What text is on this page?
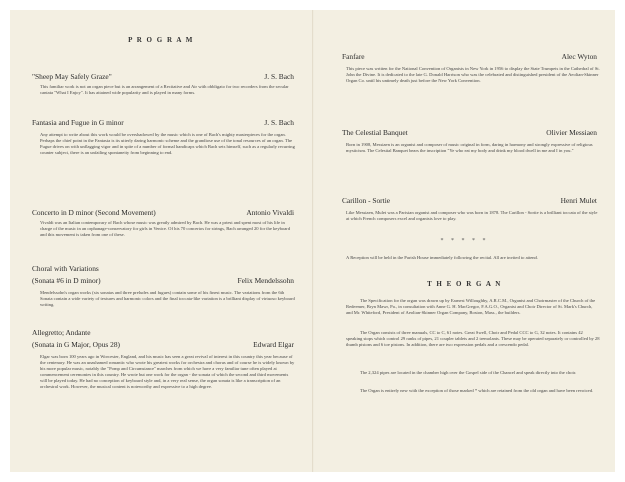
P R O G R A M
"Sheep May Safely Graze"	J. S. Bach

This familiar work is not an organ piece but is an arrangement of a Recitative and Air with obbligato for two recorders from the secular cantata "What I Enjoy". It has attained wide popularity and is played in many forms.

Fantasia and Fugue in G minor	J. S. Bach

Any attempt to write about this work would be overshadowed by the music which is one of Bach's mighty masterpieces for the organ. Perhaps the chief point in the Fantasia is its utterly daring harmonic scheme and the grandiose use of the tonal resources of an organ. The Fugue drives on with unflagging vigor and in spite of a number of formal handicaps which Bach sets himself, such as a regularly recurring counter subject, there is an unfailing spontaneity from beginning to end.

Concerto in D minor (Second Movement)	Antonio Vivaldi

Vivaldi was an Italian contemporary of Bach whose music was greatly admired by Bach. He was a priest and spent most of his life in charge of the music in an orphanage-conservatory for girls in Venice. Of his 70 concertos for strings, Bach arranged 20 for the keyboard and this movement is taken from one of these.

Choral with Variations
(Sonata #6 in D minor)	Felix Mendelssohn

Mendelssohn's organ works (six sonatas and three preludes and fugues) contain some of his finest music. The variations from the 6th Sonata contain a wide variety of textures and harmonic colors and the final toccata-like variation is a brilliant display of virtuoso keyboard writing.

Allegretto; Andante
(Sonata in G Major, Opus 28)	Edward Elgar

Elgar was born 100 years ago in Worcester, England, and his music has seen a great revival of interest in this country this year because of the centenary. He was an unashamed romantic who wrote his greatest works for orchestra and chorus and of course he is widely known by his more popular music, notably the "Pomp and Circumstance" marches from which we have a very familiar tune often played at commencement ceremonies in this country. He wrote but one work for the organ - the sonata of which the second and third movements will be played today. He had no conception of keyboard style and, in a very real sense, the organ sonata is like a transcription of an orchestral work. However, the musical content is noteworthy and expressive to a high degree.

Fanfare	Alec Wyton

This piece was written for the National Convention of Organists in New York in 1956 to display the State Trumpets in the Cathedral of St. John the Divine. It is dedicated to the late G. Donald Harrison who was the celebrated and distinguished president of the Aeolian-Skinner Organ Co. until his untimely death just before the New York Convention.

The Celestial Banquet	Olivier Messiaen

Born in 1908, Messiaen is an organist and composer of music original in form, daring in harmony and strongly expressive of religious mysticism. The Celestial Banquet bears the inscription "Ye who eat my body and drink my blood dwell in me and I in you."

Carillon - Sortie	Henri Mulet

Like Messiaen, Mulet was a Parisian organist and composer who was born in 1878. The Carillon - Sortie is a brilliant toccata of the style at which French composers excel and organists love to play.

* * * * *

A Reception will be held in the Parish House immediately following the recital. All are invited to attend.

T H E O R G A N

The Specification for the organ was drawn up by Earnest Willoughby, A.R.C.M., Organist and Choirmaster of the Church of the Redeemer, Bryn Mawr, Pa., in consultation with Anne G. H. MacGregor, F.A.G.O., Organist and Choir Director of St. Mark's Church, and Mr. Whiteford, President of Aeolian-Skinner Organ Company, Boston, Mass., the builders.

The Organ consists of three manuals, CC to C, 61 notes. Great Swell, Choir and Pedal CCC to G, 32 notes. It contains 42 speaking stops which control 29 ranks of pipes, 21 coupler tablets and 2 tremolants. These may be operated separately or controlled by 28 thumb pistons and 6 toe pistons. In addition, there are two expression pedals and a crescendo pedal.

The 2,324 pipes are located in the chamber high over the Gospel side of the Chancel and speak directly into the choir.

The Organ is entirely new with the exception of those marked * which are retained from the old organ and have been revoiced.
